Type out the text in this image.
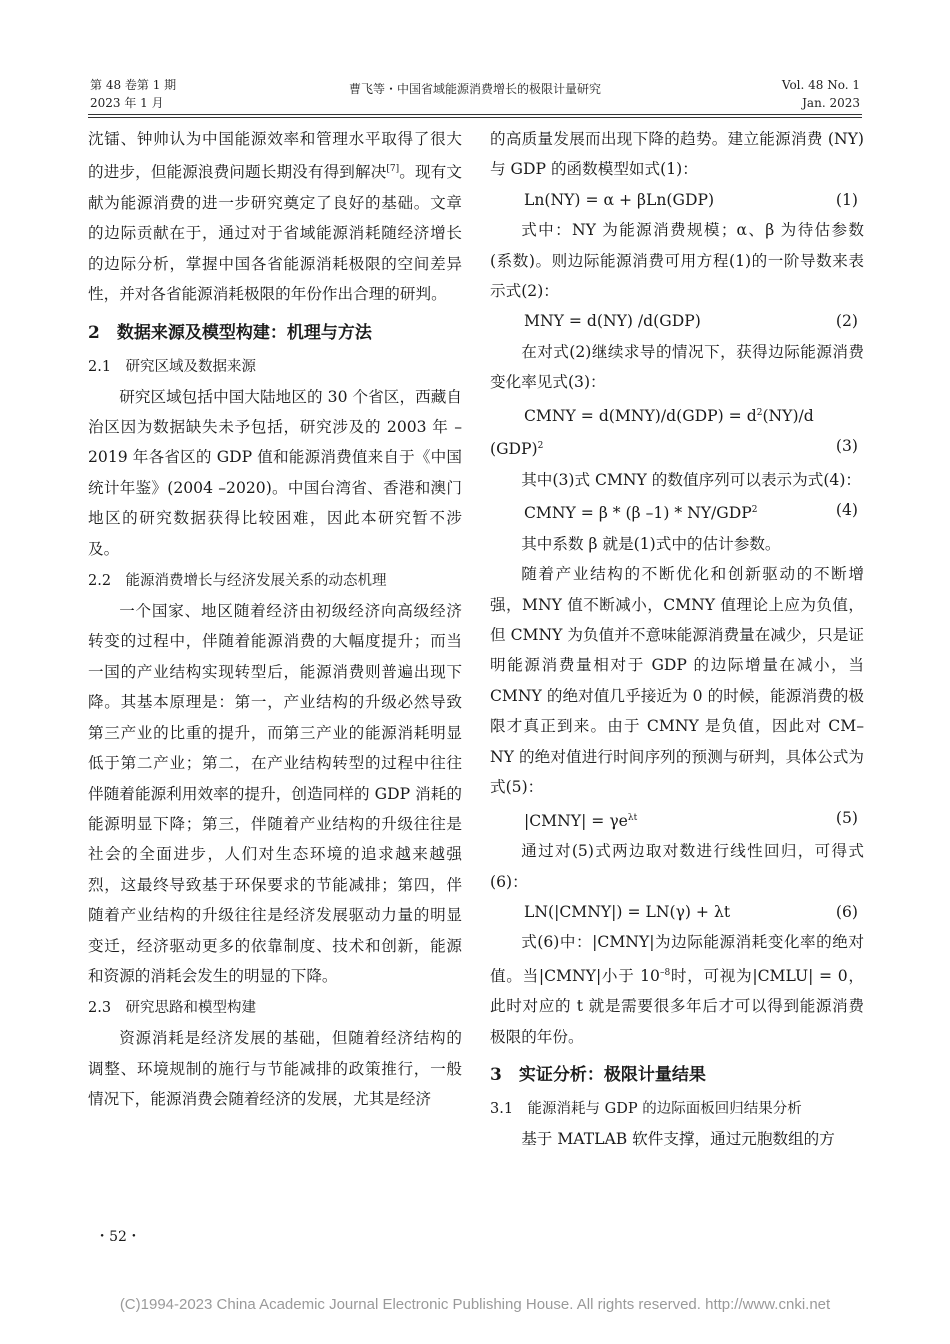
第 48 卷第 1 期
2023 年 1 月
曹飞等・中国省域能源消费增长的极限计量研究	Vol. 48 No. 1
Jan. 2023

沈镭、钟帅认为中国能源效率和管理水平取得了很大的进步，但能源浪费问题长期没有得到解决[7]。现有文献为能源消费的进一步研究奠定了良好的基础。文章的边际贡献在于，通过对于省域能源消耗随经济增长的边际分析，掌握中国各省能源消耗极限的空间差异性，并对各省能源消耗极限的年份作出合理的研判。

2　数据来源及模型构建：机理与方法

2.1　研究区域及数据来源

研究区域包括中国大陆地区的 30 个省区，西藏自治区因为数据缺失未予包括，研究涉及的 2003 年 –2019 年各省区的 GDP 值和能源消费值来自于《中国统计年鉴》(2004 –2020)。中国台湾省、香港和澳门地区的研究数据获得比较困难，因此本研究暂不涉及。

2.2　能源消费增长与经济发展关系的动态机理

一个国家、地区随着经济由初级经济向高级经济转变的过程中，伴随着能源消费的大幅度提升；而当一国的产业结构实现转型后，能源消费则普遍出现下降。其基本原理是：第一，产业结构的升级必然导致第三产业的比重的提升，而第三产业的能源消耗明显低于第二产业；第二，在产业结构转型的过程中往往伴随着能源利用效率的提升，创造同样的 GDP 消耗的能源明显下降；第三，伴随着产业结构的升级往往是社会的全面进步，人们对生态环境的追求越来越强烈，这最终导致基于环保要求的节能减排；第四，伴随着产业结构的升级往往是经济发展驱动力量的明显变迁，经济驱动更多的依靠制度、技术和创新，能源和资源的消耗会发生的明显的下降。

2.3　研究思路和模型构建

资源消耗是经济发展的基础，但随着经济结构的调整、环境规制的施行与节能减排的政策推行，一般情况下，能源消费会随着经济的发展，尤其是经济

的高质量发展而出现下降的趋势。建立能源消费 (NY) 与 GDP 的函数模型如式(1)：

Ln(NY) = α + βLn(GDP)	(1)

式中：NY 为能源消费规模；α、β 为待估参数 (系数)。则边际能源消费可用方程(1)的一阶导数来表示式(2)：

MNY = d(NY) /d(GDP)	(2)

在对式(2)继续求导的情况下，获得边际能源消费变化率见式(3)：

CMNY = $d(MNY)/d(GDP) = d^2(NY)/d$

(GDP)$^2$	(3)

其中(3)式 CMNY 的数值序列可以表示为式(4)：

CMNY = β * (β –1) * NY/GDP$^2$	(4)

其中系数 β 就是(1)式中的估计参数。

随着产业结构的不断优化和创新驱动的不断增强，MNY 值不断减小，CMNY 值理论上应为负值，但 CMNY 为负值并不意味能源消费量在减少，只是证明能源消费量相对于 GDP 的边际增量在减小，当 CMNY 的绝对值几乎接近为 0 的时候，能源消费的极限才真正到来。由于 CMNY 是负值，因此对 CM–NY 的绝对值进行时间序列的预测与研判，具体公式为式(5)：

|CMNY| = $\gamma e^{\lambda t}$	(5)

通过对(5)式两边取对数进行线性回归，可得式(6)：

LN(|CMNY|) = LN(γ) + λt	(6)

式(6)中：|CMNY|为边际能源消耗变化率的绝对值。当|CMNY|小于 $10^{-8}$时，可视为|CMLU| = 0，此时对应的 t 就是需要很多年后才可以得到能源消费极限的年份。

3　实证分析：极限计量结果

3.1　能源消耗与 GDP 的边际面板回归结果分析

基于 MATLAB 软件支撑，通过元胞数组的方

・52・
(C)1994-2023 China Academic Journal Electronic Publishing House. All rights reserved. http://www.cnki.net
